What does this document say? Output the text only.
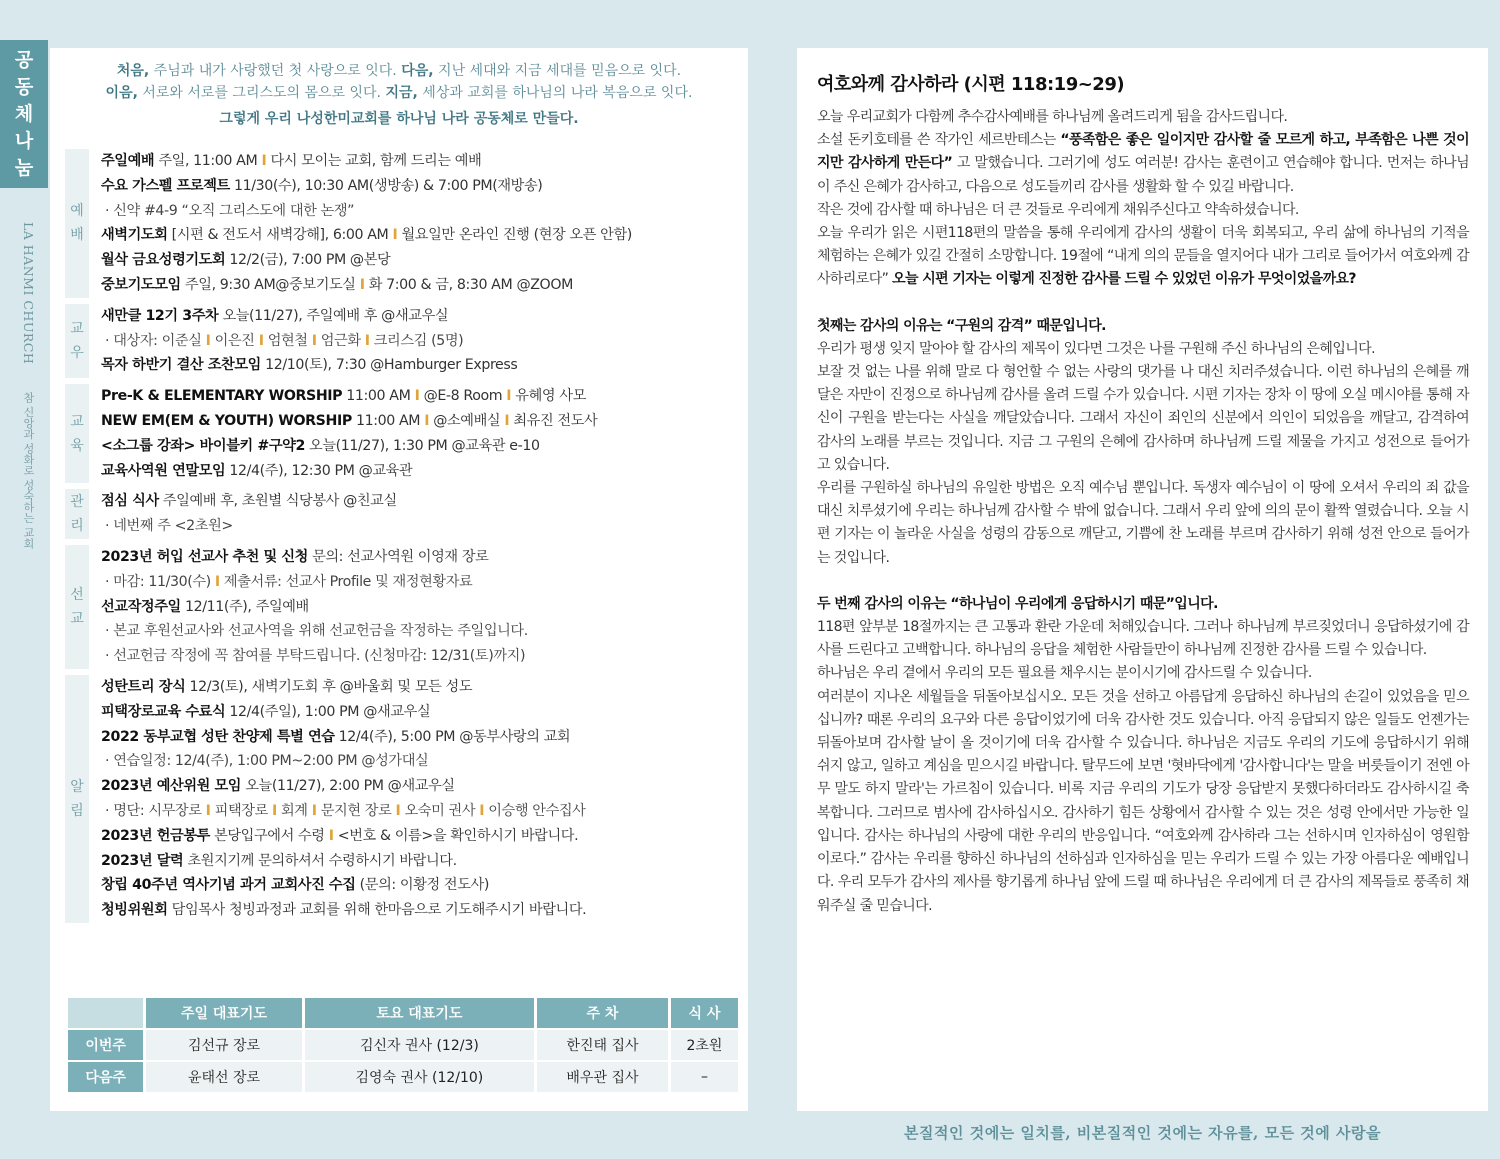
공
동
체
나
눔
LA HANMI CHURCH 참 신앙과 성화로 성숙하는 교회
처음, 주님과 내가 사랑했던 첫 사랑으로 잇다. 다음, 지난 세대와 지금 세대를 믿음으로 잇다.
이음, 서로와 서로를 그리스도의 몸으로 잇다. 지금, 세상과 교회를 하나님의 나라 복음으로 잇다.
그렇게 우리 나성한미교회를 하나님 나라 공동체로 만들다.
예
배
주일예배 주일, 11:00 AM I 다시 모이는 교회, 함께 드리는 예배
수요 가스펠 프로젝트 11/30(수), 10:30 AM(생방송) & 7:00 PM(재방송)
· 신약 #4-9 “오직 그리스도에 대한 논쟁”
새벽기도회 [시편 & 전도서 새벽강해], 6:00 AM I 월요일만 온라인 진행 (현장 오픈 안함)
월삭 금요성령기도회 12/2(금), 7:00 PM @본당
중보기도모임 주일, 9:30 AM@중보기도실 I 화 7:00 & 금, 8:30 AM @ZOOM
교
우
새만클 12기 3주차 오늘(11/27), 주일예배 후 @새교우실
· 대상자: 이준실 I 이은진 I 엄현철 I 엄근화 I 크리스김 (5명)
목자 하반기 결산 조찬모임 12/10(토), 7:30 @Hamburger Express
교
육
Pre-K & ELEMENTARY WORSHIP 11:00 AM I @E-8 Room I 유혜영 사모
NEW EM(EM & YOUTH) WORSHIP 11:00 AM I @소예배실 I 최유진 전도사
<소그룹 강좌> 바이블키 #구약2 오늘(11/27), 1:30 PM @교육관 e-10
교육사역원 연말모임 12/4(주), 12:30 PM @교육관
관
리
점심 식사 주일예배 후, 초원별 식당봉사 @친교실
· 네번째 주 <2초원>
선
교
2023년 허입 선교사 추천 및 신청 문의: 선교사역원 이영재 장로
· 마감: 11/30(수) I 제출서류: 선교사 Profile 및 재정현황자료
선교작정주일 12/11(주), 주일예배
· 본교 후원선교사와 선교사역을 위해 선교헌금을 작정하는 주일입니다.
· 선교헌금 작정에 꼭 참여를 부탁드립니다. (신청마감: 12/31(토)까지)
알
림
성탄트리 장식 12/3(토), 새벽기도회 후 @바울회 및 모든 성도
피택장로교육 수료식 12/4(주일), 1:00 PM @새교우실
2022 동부교협 성탄 찬양제 특별 연습 12/4(주), 5:00 PM @동부사랑의 교회
· 연습일정: 12/4(주), 1:00 PM~2:00 PM @성가대실
2023년 예산위원 모임 오늘(11/27), 2:00 PM @새교우실
· 명단: 시무장로 I 피택장로 I 회계 I 문지현 장로 I 오숙미 권사 I 이승행 안수집사
2023년 헌금봉투 본당입구에서 수령 I <번호 & 이름>을 확인하시기 바랍니다.
2023년 달력 초원지기께 문의하셔서 수령하시기 바랍니다.
창립 40주년 역사기념 과거 교회사진 수집 (문의: 이황정 전도사)
청빙위원회 담임목사 청빙과정과 교회를 위해 한마음으로 기도해주시기 바랍니다.
	주일 대표기도	토요 대표기도	주 차	식 사
이번주	김선규 장로	김신자 권사 (12/3)	한진태 집사	2초원
다음주	윤태선 장로	김영숙 권사 (12/10)	배우관 집사	–
여호와께 감사하라 (시편 118:19~29)

오늘 우리교회가 다함께 추수감사예배를 하나님께 올려드리게 됨을 감사드립니다.

소설 돈키호테를 쓴 작가인 세르반테스는 “풍족함은 좋은 일이지만 감사할 줄 모르게 하고, 부족함은 나쁜 것이지만 감사하게 만든다” 고 말했습니다. 그러기에 성도 여러분! 감사는 훈련이고 연습해야 합니다. 먼저는 하나님이 주신 은혜가 감사하고, 다음으로 성도들끼리 감사를 생활화 할 수 있길 바랍니다.

작은 것에 감사할 때 하나님은 더 큰 것들로 우리에게 채워주신다고 약속하셨습니다.

오늘 우리가 읽은 시편118편의 말씀을 통해 우리에게 감사의 생활이 더욱 회복되고, 우리 삶에 하나님의 기적을 체험하는 은혜가 있길 간절히 소망합니다. 19절에 “내게 의의 문들을 열지어다 내가 그리로 들어가서 여호와께 감사하리로다” 오늘 시편 기자는 이렇게 진정한 감사를 드릴 수 있었던 이유가 무엇이었을까요?

첫째는 감사의 이유는 “구원의 감격” 때문입니다.

우리가 평생 잊지 말아야 할 감사의 제목이 있다면 그것은 나를 구원해 주신 하나님의 은혜입니다.

보잘 것 없는 나를 위해 말로 다 형언할 수 없는 사랑의 댓가를 나 대신 치러주셨습니다. 이런 하나님의 은혜를 깨달은 자만이 진정으로 하나님께 감사를 올려 드릴 수가 있습니다. 시편 기자는 장차 이 땅에 오실 메시야를 통해 자신이 구원을 받는다는 사실을 깨달았습니다. 그래서 자신이 죄인의 신분에서 의인이 되었음을 깨달고, 감격하여 감사의 노래를 부르는 것입니다. 지금 그 구원의 은혜에 감사하며 하나님께 드릴 제물을 가지고 성전으로 들어가고 있습니다.

우리를 구원하실 하나님의 유일한 방법은 오직 예수님 뿐입니다. 독생자 예수님이 이 땅에 오셔서 우리의 죄 값을 대신 치루셨기에 우리는 하나님께 감사할 수 밖에 없습니다. 그래서 우리 앞에 의의 문이 활짝 열렸습니다. 오늘 시편 기자는 이 놀라운 사실을 성령의 감동으로 깨닫고, 기쁨에 찬 노래를 부르며 감사하기 위해 성전 안으로 들어가는 것입니다.

두 번째 감사의 이유는 “하나님이 우리에게 응답하시기 때문”입니다.

118편 앞부분 18절까지는 큰 고통과 환란 가운데 처해있습니다. 그러나 하나님께 부르짖었더니 응답하셨기에 감사를 드린다고 고백합니다. 하나님의 응답을 체험한 사람들만이 하나님께 진정한 감사를 드릴 수 있습니다.

하나님은 우리 곁에서 우리의 모든 필요를 채우시는 분이시기에 감사드릴 수 있습니다.

여러분이 지나온 세월들을 뒤돌아보십시오. 모든 것을 선하고 아름답게 응답하신 하나님의 손길이 있었음을 믿으십니까? 때론 우리의 요구와 다른 응답이었기에 더욱 감사한 것도 있습니다. 아직 응답되지 않은 일들도 언젠가는 뒤돌아보며 감사할 날이 올 것이기에 더욱 감사할 수 있습니다. 하나님은 지금도 우리의 기도에 응답하시기 위해 쉬지 않고, 일하고 계심을 믿으시길 바랍니다. 탈무드에 보면 '혓바닥에게 '감사합니다'는 말을 버릇들이기 전엔 아무 말도 하지 말라'는 가르침이 있습니다. 비록 지금 우리의 기도가 당장 응답받지 못했다하더라도 감사하시길 축복합니다. 그러므로 범사에 감사하십시오. 감사하기 힘든 상황에서 감사할 수 있는 것은 성령 안에서만 가능한 일입니다. 감사는 하나님의 사랑에 대한 우리의 반응입니다. “여호와께 감사하라 그는 선하시며 인자하심이 영원함이로다.” 감사는 우리를 향하신 하나님의 선하심과 인자하심을 믿는 우리가 드릴 수 있는 가장 아름다운 예배입니다. 우리 모두가 감사의 제사를 향기롭게 하나님 앞에 드릴 때 하나님은 우리에게 더 큰 감사의 제목들로 풍족히 채워주실 줄 믿습니다.

본질적인 것에는 일치를, 비본질적인 것에는 자유를, 모든 것에 사랑을
